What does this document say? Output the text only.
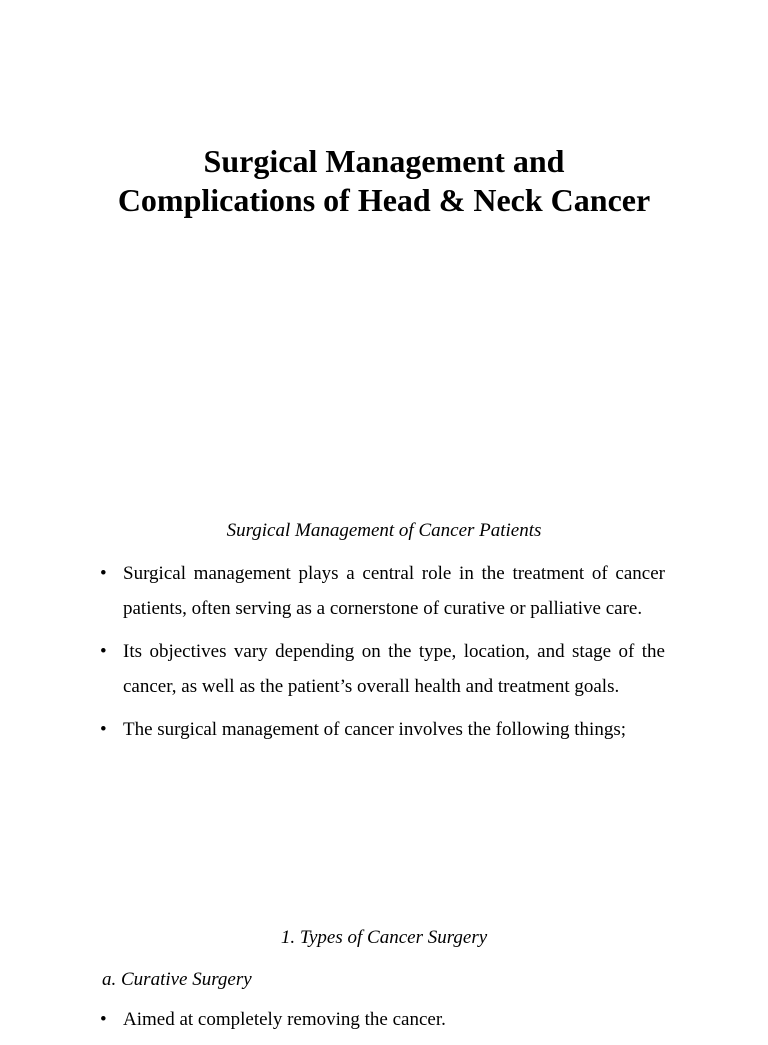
Surgical Management and
Complications of Head & Neck Cancer
Surgical Management of Cancer Patients
• Surgical management plays a central role in the treatment of cancer patients, often serving as a cornerstone of curative or palliative care.
• Its objectives vary depending on the type, location, and stage of the cancer, as well as the patient’s overall health and treatment goals.
• The surgical management of cancer involves the following things;
1. Types of Cancer Surgery
a. Curative Surgery
• Aimed at completely removing the cancer.
